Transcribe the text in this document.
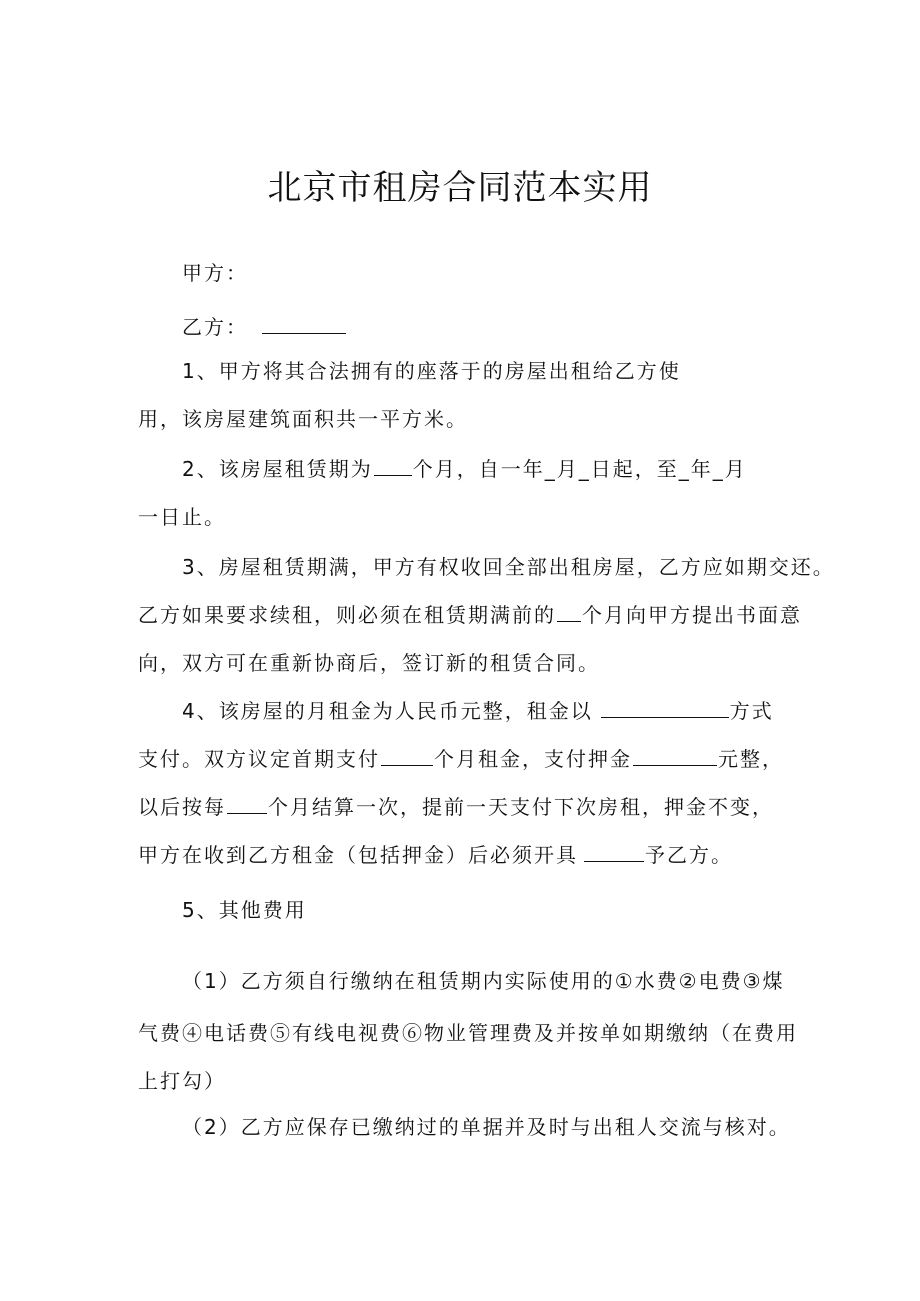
北京市租房合同范本实用
甲方：
乙方：
1、甲方将其合法拥有的座落于的房屋出租给乙方使
用，该房屋建筑面积共一平方米。
2、该房屋租赁期为 个月，自一年_月_日起，至_年_月
一日止。
3、房屋租赁期满，甲方有权收回全部出租房屋，乙方应如期交还。
乙方如果要求续租，则必须在租赁期满前的 个月向甲方提出书面意
向，双方可在重新协商后，签订新的租赁合同。
4、该房屋的月租金为人民币元整，租金以	方式
支付。双方议定首期支付	个月租金，支付押金	元整，
以后按每 个月结算一次，提前一天支付下次房租，押金不变，
甲方在收到乙方租金（包括押金）后必须开具	予乙方。
5、其他费用
（1）乙方须自行缴纳在租赁期内实际使用的①水费②电费③煤
气费④电话费⑤有线电视费⑥物业管理费及并按单如期缴纳（在费用
上打勾）
（2）乙方应保存已缴纳过的单据并及时与出租人交流与核对。
